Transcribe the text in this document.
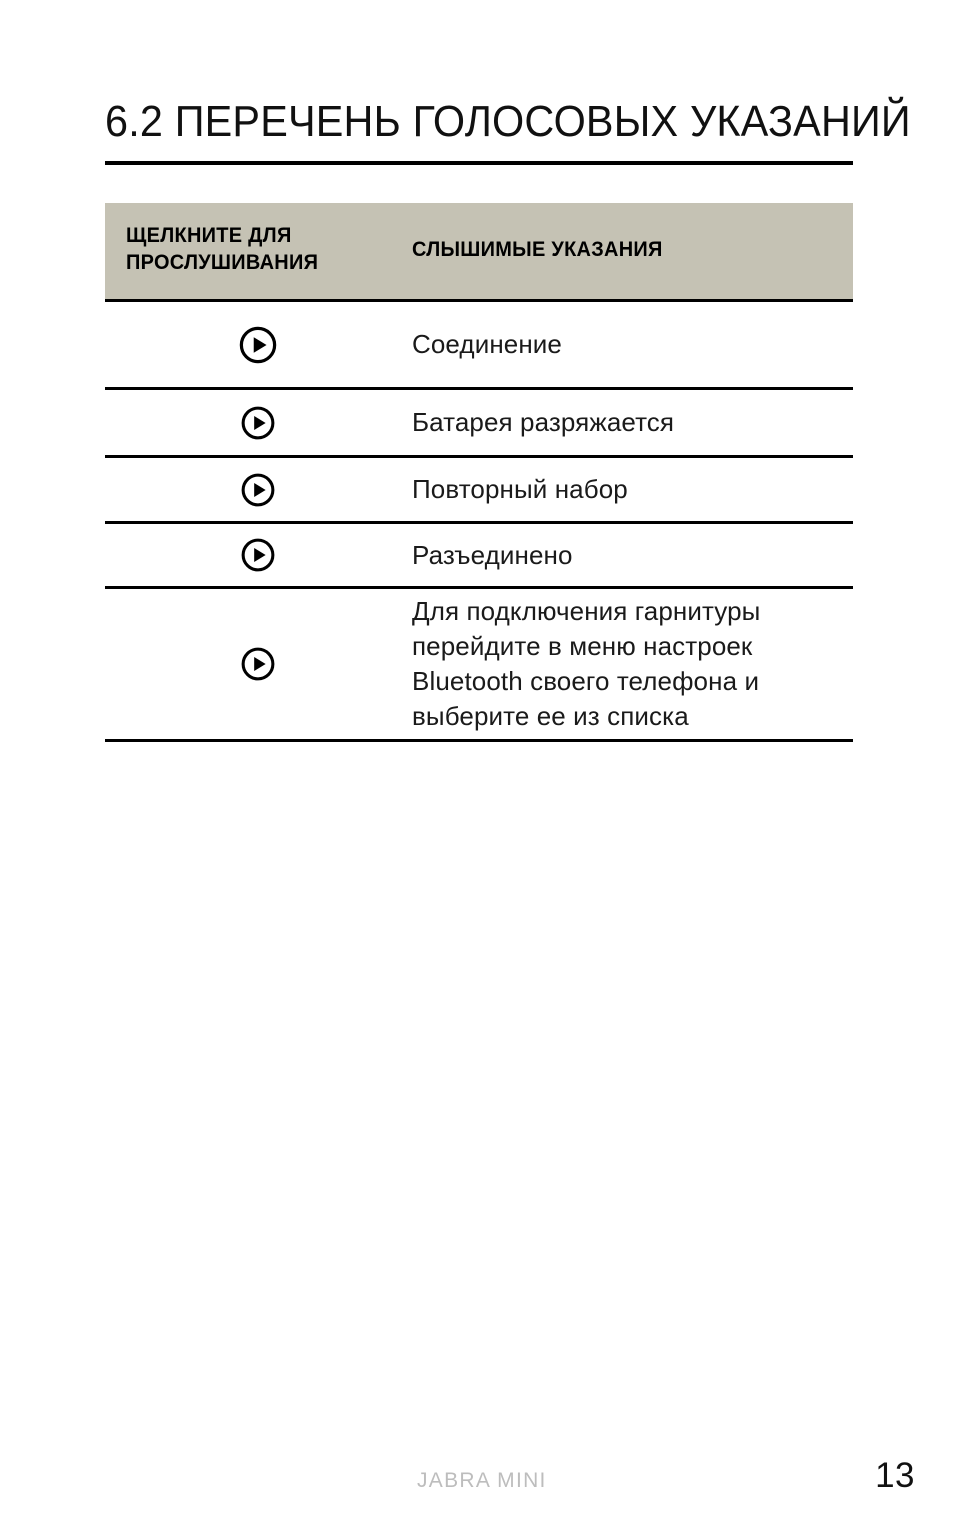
6.2 ПЕРЕЧЕНЬ ГОЛОСОВЫХ УКАЗАНИЙ
ЩЕЛКНИТЕ ДЛЯ
ПРОСЛУШИВАНИЯ
СЛЫШИМЫЕ УКАЗАНИЯ
Соединение
Батарея разряжается
Повторный набор
Разъединено
Для подключения гарнитуры
перейдите в меню настроек
Bluetooth своего телефона и
выберите ее из списка
JABRA MINI	13
